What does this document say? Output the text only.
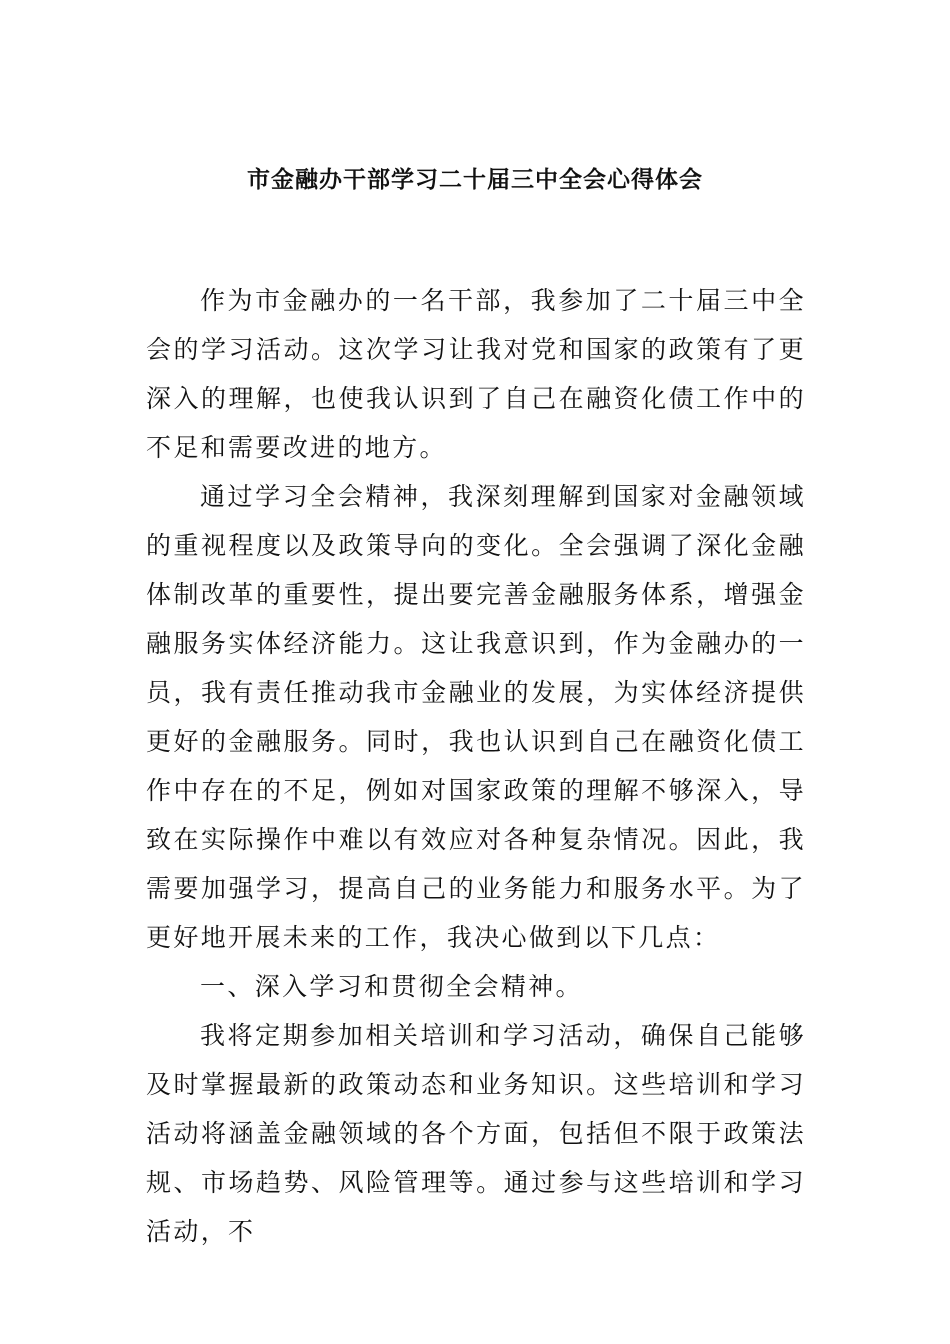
市金融办干部学习二十届三中全会心得体会

作为市金融办的一名干部，我参加了二十届三中全会的学习活动。这次学习让我对党和国家的政策有了更深入的理解，也使我认识到了自己在融资化债工作中的不足和需要改进的地方。

通过学习全会精神，我深刻理解到国家对金融领域的重视程度以及政策导向的变化。全会强调了深化金融体制改革的重要性，提出要完善金融服务体系，增强金融服务实体经济能力。这让我意识到，作为金融办的一员，我有责任推动我市金融业的发展，为实体经济提供更好的金融服务。同时，我也认识到自己在融资化债工作中存在的不足，例如对国家政策的理解不够深入，导致在实际操作中难以有效应对各种复杂情况。因此，我需要加强学习，提高自己的业务能力和服务水平。为了更好地开展未来的工作，我决心做到以下几点：

一、深入学习和贯彻全会精神。

我将定期参加相关培训和学习活动，确保自己能够及时掌握最新的政策动态和业务知识。这些培训和学习活动将涵盖金融领域的各个方面，包括但不限于政策法规、市场趋势、风险管理等。通过参与这些培训和学习活动，不
